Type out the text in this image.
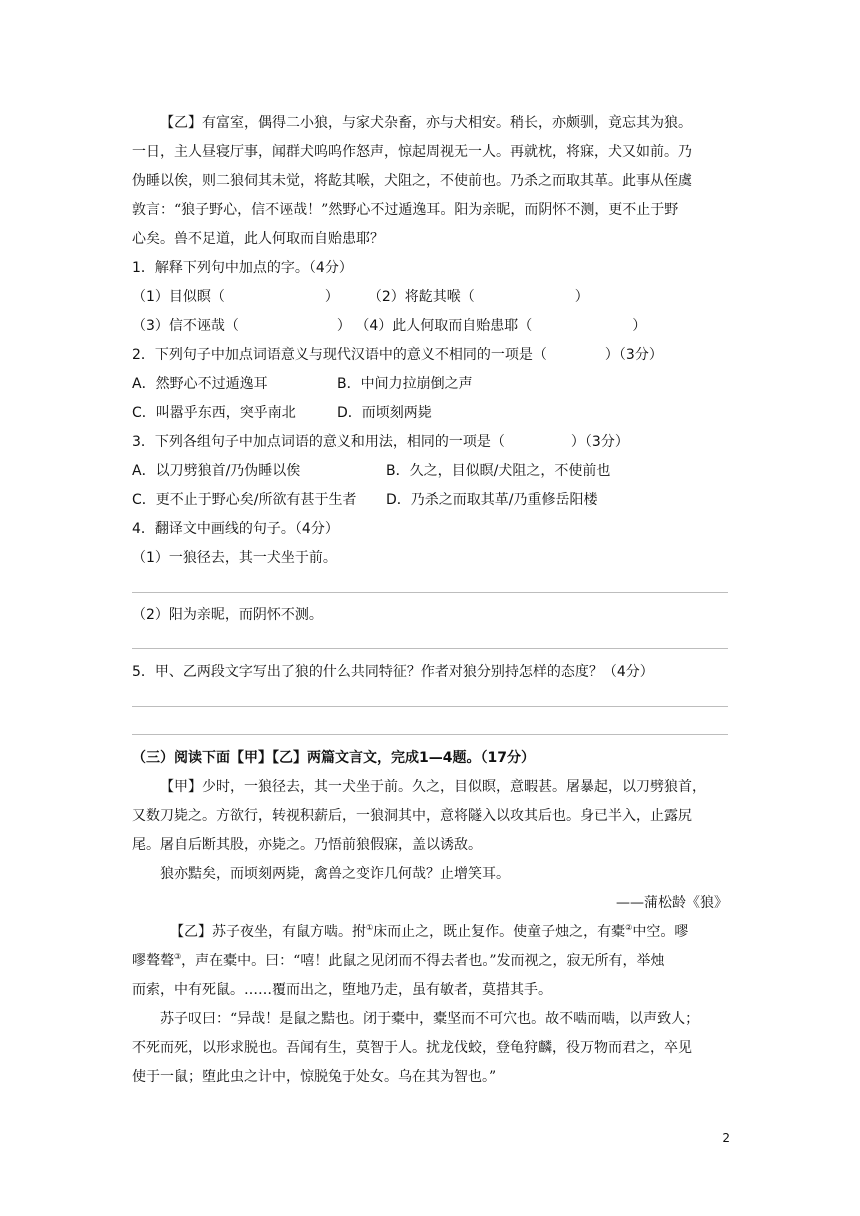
【乙】有富室，偶得二小狼，与家犬杂畜，亦与犬相安。稍长，亦颇驯，竟忘其为狼。
一日，主人昼寝厅事，闻群犬呜呜作怒声，惊起周视无一人。再就枕，将寐，犬又如前。乃
伪睡以俟，则二狼伺其未觉，将龁其喉，犬阻之，不使前也。乃杀之而取其革。此事从侄虞
敦言：“狼子野心，信不诬哉！”然野心不过遁逸耳。阳为亲昵，而阴怀不测，更不止于野
心矣。兽不足道，此人何取而自贻患耶？
1．解释下列句中加点的字。（4分）
（1）目似瞑（	） （2）将龁其喉（	）
（3）信不诬哉（	） （4）此人何取而自贻患耶（	）
2．下列句子中加点词语意义与现代汉语中的意义不相同的一项是（	）（3分）
A．然野心不过遁逸耳	B．中间力拉崩倒之声
C．叫嚣乎东西，突乎南北	D．而顷刻两毙
3．下列各组句子中加点词语的意义和用法，相同的一项是（	）（3分）
A．以刀劈狼首/乃伪睡以俟	B．久之，目似瞑/犬阻之，不使前也
C．更不止于野心矣/所欲有甚于生者 D．乃杀之而取其革/乃重修岳阳楼
4．翻译文中画线的句子。（4分）
（1）一狼径去，其一犬坐于前。
（2）阳为亲昵，而阴怀不测。
5．甲、乙两段文字写出了狼的什么共同特征？作者对狼分别持怎样的态度？（4分）
（三）阅读下面【甲】【乙】两篇文言文，完成1—4题。（17分）
【甲】少时，一狼径去，其一犬坐于前。久之，目似瞑，意暇甚。屠暴起，以刀劈狼首，
又数刀毙之。方欲行，转视积薪后，一狼洞其中，意将隧入以攻其后也。身已半入，止露尻
尾。屠自后断其股，亦毙之。乃悟前狼假寐，盖以诱敌。
狼亦黠矣，而顷刻两毙，禽兽之变诈几何哉？止增笑耳。
——蒲松龄《狼》
【乙】苏子夜坐，有鼠方啮。拊①床而止之，既止复作。使童子烛之，有橐②中空。嘐
嘐聱聱③，声在橐中。曰：“嘻！此鼠之见闭而不得去者也。”发而视之，寂无所有，举烛
而索，中有死鼠。……覆而出之，堕地乃走，虽有敏者，莫措其手。
苏子叹曰：“异哉！是鼠之黠也。闭于橐中，橐坚而不可穴也。故不啮而啮，以声致人；
不死而死，以形求脱也。吾闻有生，莫智于人。扰龙伐蛟，登龟狩麟，役万物而君之，卒见
使于一鼠；堕此虫之计中，惊脱兔于处女。乌在其为智也。”
2
